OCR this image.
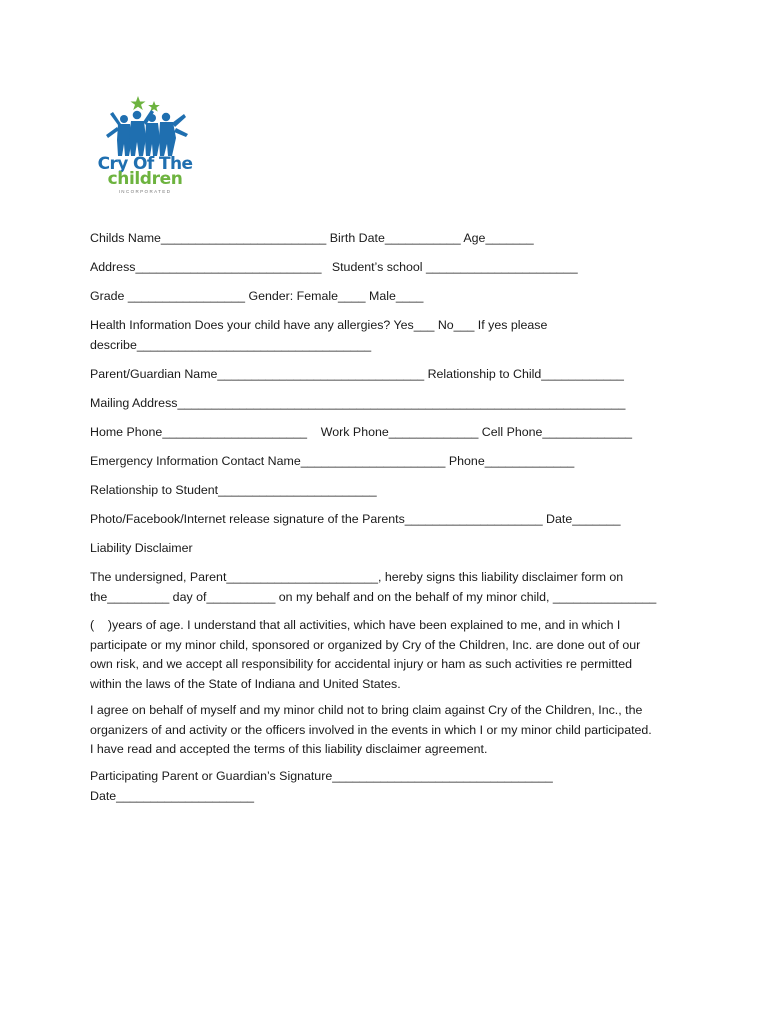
Cry Of The
children
INCORPORATED
Childs Name________________________ Birth Date___________ Age_______
Address___________________________   Student’s school ______________________
Grade _________________ Gender: Female____ Male____
Health Information Does your child have any allergies? Yes___ No___ If yes please
describe__________________________________
Parent/Guardian Name______________________________ Relationship to Child____________
Mailing Address_________________________________________________________________
Home Phone_____________________    Work Phone_____________ Cell Phone_____________
Emergency Information Contact Name_____________________ Phone_____________
Relationship to Student_______________________
Photo/Facebook/Internet release signature of the Parents____________________ Date_______
Liability Disclaimer
The undersigned, Parent______________________, hereby signs this liability disclaimer form on
the_________ day of__________ on my behalf and on the behalf of my minor child, _______________
(    )years of age. I understand that all activities, which have been explained to me, and in which I
participate or my minor child, sponsored or organized by Cry of the Children, Inc. are done out of our
own risk, and we accept all responsibility for accidental injury or ham as such activities re permitted
within the laws of the State of Indiana and United States.
I agree on behalf of myself and my minor child not to bring claim against Cry of the Children, Inc., the
organizers of and activity or the officers involved in the events in which I or my minor child participated.
I have read and accepted the terms of this liability disclaimer agreement.
Participating Parent or Guardian’s Signature________________________________
Date____________________
